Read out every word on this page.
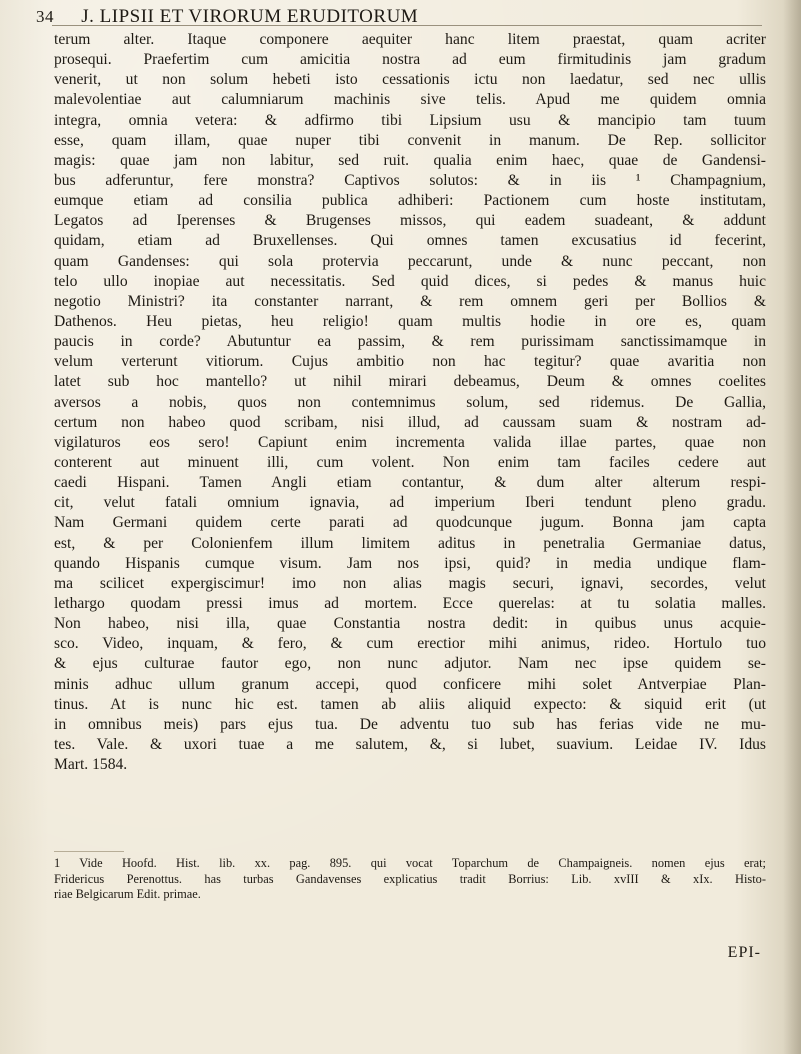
34 J. LIPSII ET VIRORUM ERUDITORUM
terum alter. Itaque componere aequiter hanc litem praestat, quam acriter
prosequi. Praefertim cum amicitia nostra ad eum firmitudinis jam gradum
venerit, ut non solum hebeti isto cessationis ictu non laedatur, sed nec ullis
malevolentiae aut calumniarum machinis sive telis. Apud me quidem omnia
integra, omnia vetera: & adfirmo tibi Lipsium usu & mancipio tam tuum
esse, quam illam, quae nuper tibi convenit in manum. De Rep. sollicitor
magis: quae jam non labitur, sed ruit. qualia enim haec, quae de Gandensi-
bus adferuntur, fere monstra? Captivos solutos: & in iis ¹ Champagnium,
eumque etiam ad consilia publica adhiberi: Pactionem cum hoste institutam,
Legatos ad Iperenses & Brugenses missos, qui eadem suadeant, & addunt
quidam, etiam ad Bruxellenses. Qui omnes tamen excusatius id fecerint,
quam Gandenses: qui sola protervia peccarunt, unde & nunc peccant, non
telo ullo inopiae aut necessitatis. Sed quid dices, si pedes & manus huic
negotio Ministri? ita constanter narrant, & rem omnem geri per Bollios &
Dathenos. Heu pietas, heu religio! quam multis hodie in ore es, quam
paucis in corde? Abutuntur ea passim, & rem purissimam sanctissimamque in
velum verterunt vitiorum. Cujus ambitio non hac tegitur? quae avaritia non
latet sub hoc mantello? ut nihil mirari debeamus, Deum & omnes coelites
aversos a nobis, quos non contemnimus solum, sed ridemus. De Gallia,
certum non habeo quod scribam, nisi illud, ad caussam suam & nostram ad-
vigilaturos eos sero! Capiunt enim incrementa valida illae partes, quae non
conterent aut minuent illi, cum volent. Non enim tam faciles cedere aut
caedi Hispani. Tamen Angli etiam contantur, & dum alter alterum respi-
cit, velut fatali omnium ignavia, ad imperium Iberi tendunt pleno gradu.
Nam Germani quidem certe parati ad quodcunque jugum. Bonna jam capta
est, & per Colonienfem illum limitem aditus in penetralia Germaniae datus,
quando Hispanis cumque visum. Jam nos ipsi, quid? in media undique flam-
ma scilicet expergiscimur! imo non alias magis securi, ignavi, secordes, velut
lethargo quodam pressi imus ad mortem. Ecce querelas: at tu solatia malles.
Non habeo, nisi illa, quae Constantia nostra dedit: in quibus unus acquie-
sco. Video, inquam, & fero, & cum erectior mihi animus, rideo. Hortulo tuo
& ejus culturae fautor ego, non nunc adjutor. Nam nec ipse quidem se-
minis adhuc ullum granum accepi, quod conficere mihi solet Antverpiae Plan-
tinus. At is nunc hic est. tamen ab aliis aliquid expecto: & siquid erit (ut
in omnibus meis) pars ejus tua. De adventu tuo sub has ferias vide ne mu-
tes. Vale. & uxori tuae a me salutem, &, si lubet, suavium. Leidae IV. Idus
Mart. 1584.
1 Vide Hoofd. Hist. lib. xx. pag. 895. qui vocat Toparchum de Champaigneis. nomen ejus erat;
Fridericus Perenottus. has turbas Gandavenses explicatius tradit Borrius: Lib. xvIII & xIx. Histo-
riae Belgicarum Edit. primae.
EPI-
